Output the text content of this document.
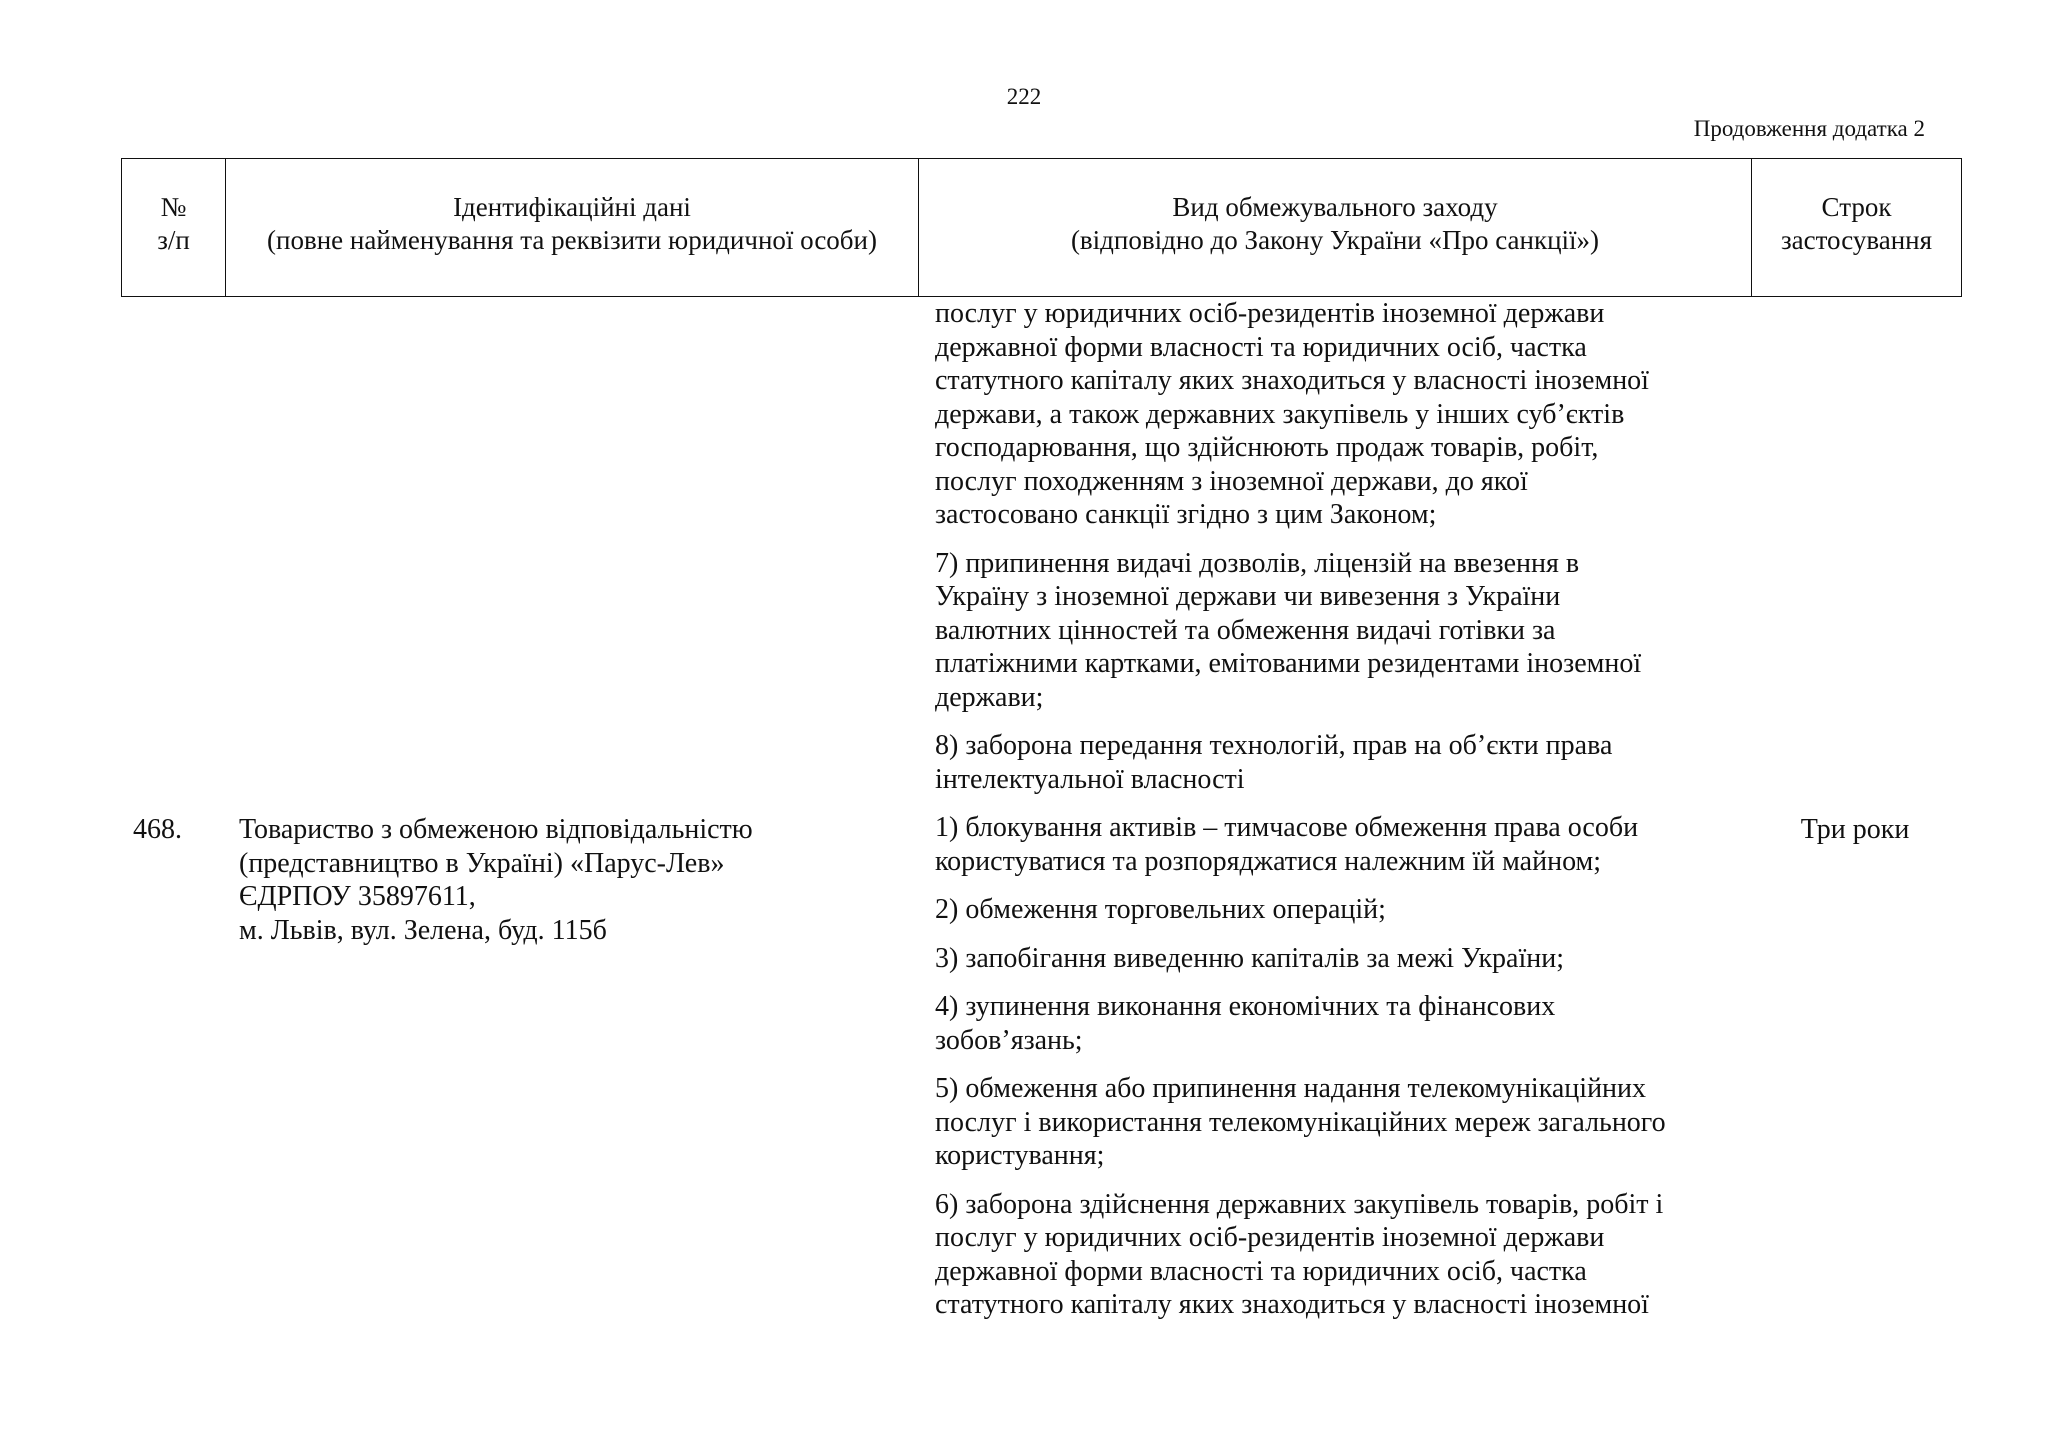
222
Продовження додатка 2
№
з/п
Ідентифікаційні дані
(повне найменування та реквізити юридичної особи)
Вид обмежувального заходу
(відповідно до Закону України «Про санкції»)
Строк
застосування
послуг у юридичних осіб-резидентів іноземної держави
державної форми власності та юридичних осіб, частка
статутного капіталу яких знаходиться у власності іноземної
держави, а також державних закупівель у інших суб’єктів
господарювання, що здійснюють продаж товарів, робіт,
послуг походженням з іноземної держави, до якої
застосовано санкції згідно з цим Законом;
7) припинення видачі дозволів, ліцензій на ввезення в
Україну з іноземної держави чи вивезення з України
валютних цінностей та обмеження видачі готівки за
платіжними картками, емітованими резидентами іноземної
держави;
8) заборона передання технологій, прав на об’єкти права
інтелектуальної власності
1) блокування активів – тимчасове обмеження права особи
користуватися та розпоряджатися належним їй майном;
2) обмеження торговельних операцій;
3) запобігання виведенню капіталів за межі України;
4) зупинення виконання економічних та фінансових
зобов’язань;
5) обмеження або припинення надання телекомунікаційних
послуг і використання телекомунікаційних мереж загального
користування;
6) заборона здійснення державних закупівель товарів, робіт і
послуг у юридичних осіб-резидентів іноземної держави
державної форми власності та юридичних осіб, частка
статутного капіталу яких знаходиться у власності іноземної
468. Товариство з обмеженою відповідальністю
(представництво в Україні) «Парус-Лев»
ЄДРПОУ 35897611,
м. Львів, вул. Зелена, буд. 115б
Три роки
